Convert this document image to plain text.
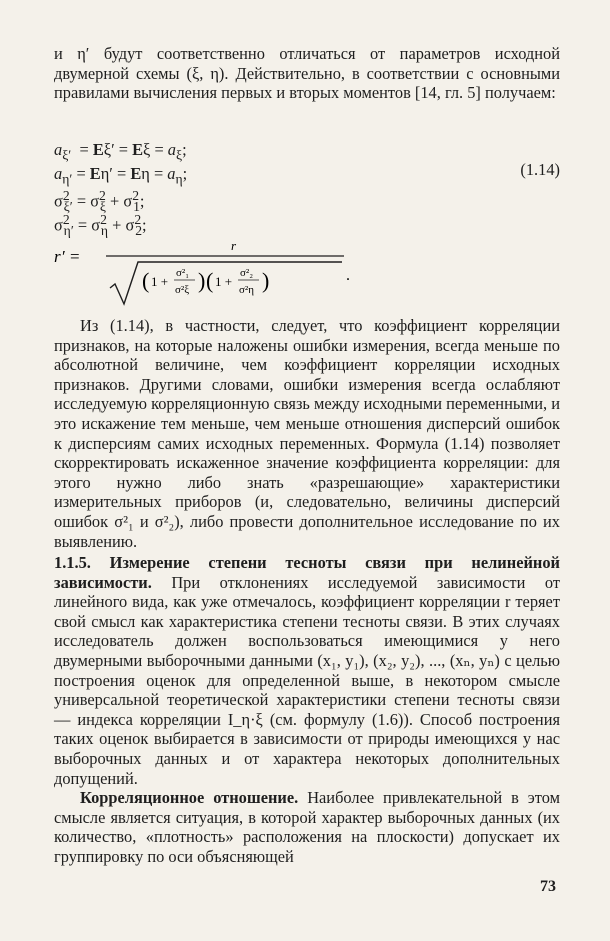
и η′ будут соответственно отличаться от параметров исходной двумерной схемы (ξ, η). Действительно, в соответствии с основными правилами вычисления первых и вторых моментов [14, гл. 5] получаем:

$a_{\xi'} = E\xi' = E\xi = a_\xi$;
$a_{\eta'} = E\eta' = E\eta = a_\eta$;
$\sigma^2_{\xi'} = \sigma^2_\xi + \sigma^2_1$;
$\sigma^2_{\eta'} = \sigma^2_\eta + \sigma^2_2$;
(1.14)
r ′ =
r
( 1 +
σ²₁
σ²ξ ) ( 1 +
σ²₂
σ²η )	.

Из (1.14), в частности, следует, что коэффициент корреляции признаков, на которые наложены ошибки измерения, всегда меньше по абсолютной величине, чем коэффициент корреляции исходных признаков. Другими словами, ошибки измерения всегда ослабляют исследуемую корреляционную связь между исходными переменными, и это искажение тем меньше, чем меньше отношения дисперсий ошибок к дисперсиям самих исходных переменных. Формула (1.14) позволяет скорректировать искаженное значение коэффициента корреляции: для этого нужно либо знать «разрешающие» характеристики измерительных приборов (и, следовательно, величины дисперсий ошибок σ²₁ и σ²₂), либо провести дополнительное исследование по их выявлению.

1.1.5. Измерение степени тесноты связи при нелинейной зависимости. При отклонениях исследуемой зависимости от линейного вида, как уже отмечалось, коэффициент корреляции r теряет свой смысл как характеристика степени тесноты связи. В этих случаях исследователь должен воспользоваться имеющимися у него двумерными выборочными данными (x₁, y₁), (x₂, y₂), ..., (xₙ, yₙ) с целью построения оценок для определенной выше, в некотором смысле универсальной теоретической характеристики степени тесноты связи — индекса корреляции I_η·ξ (см. формулу (1.6)). Способ построения таких оценок выбирается в зависимости от природы имеющихся у нас выборочных данных и от характера некоторых дополнительных допущений.

Корреляционное отношение. Наиболее привлекательной в этом смысле является ситуация, в которой характер выборочных данных (их количество, «плотность» расположения на плоскости) допускает их группировку по оси объясняющей

73
